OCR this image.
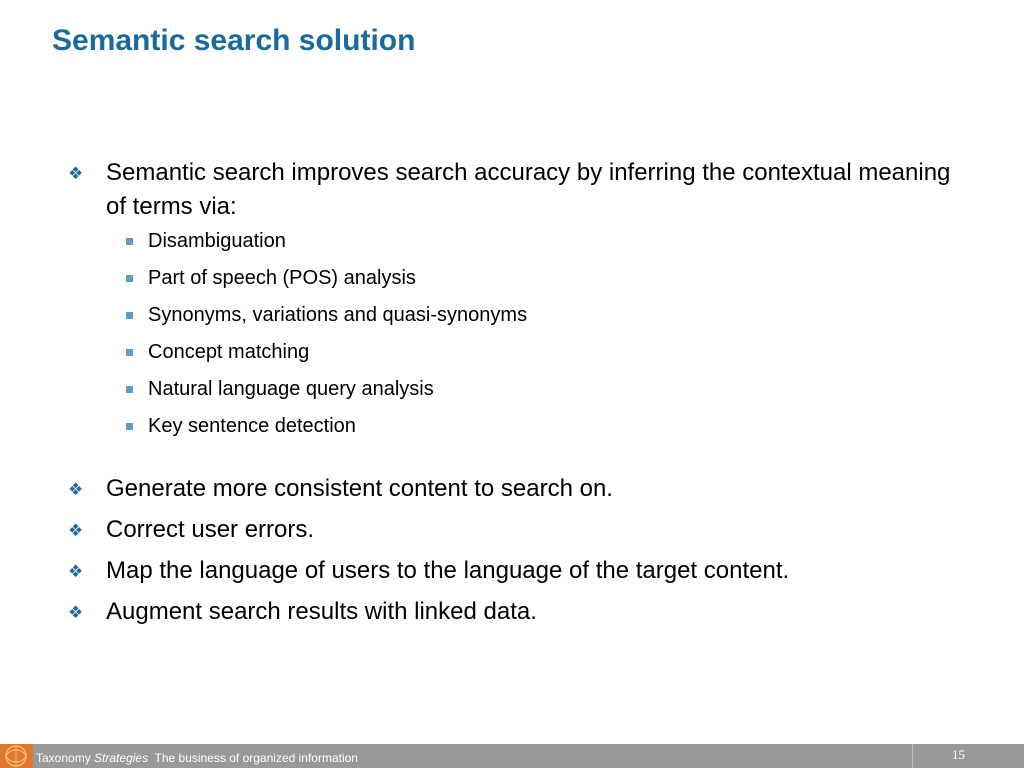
Semantic search solution
❖ Semantic search improves search accuracy by inferring the contextual meaning of terms via:
Disambiguation
Part of speech (POS) analysis
Synonyms, variations and quasi-synonyms
Concept matching
Natural language query analysis
Key sentence detection
❖ Generate more consistent content to search on.
❖ Correct user errors.
❖ Map the language of users to the language of the target content.
❖ Augment search results with linked data.
Taxonomy Strategies The business of organized information	15
